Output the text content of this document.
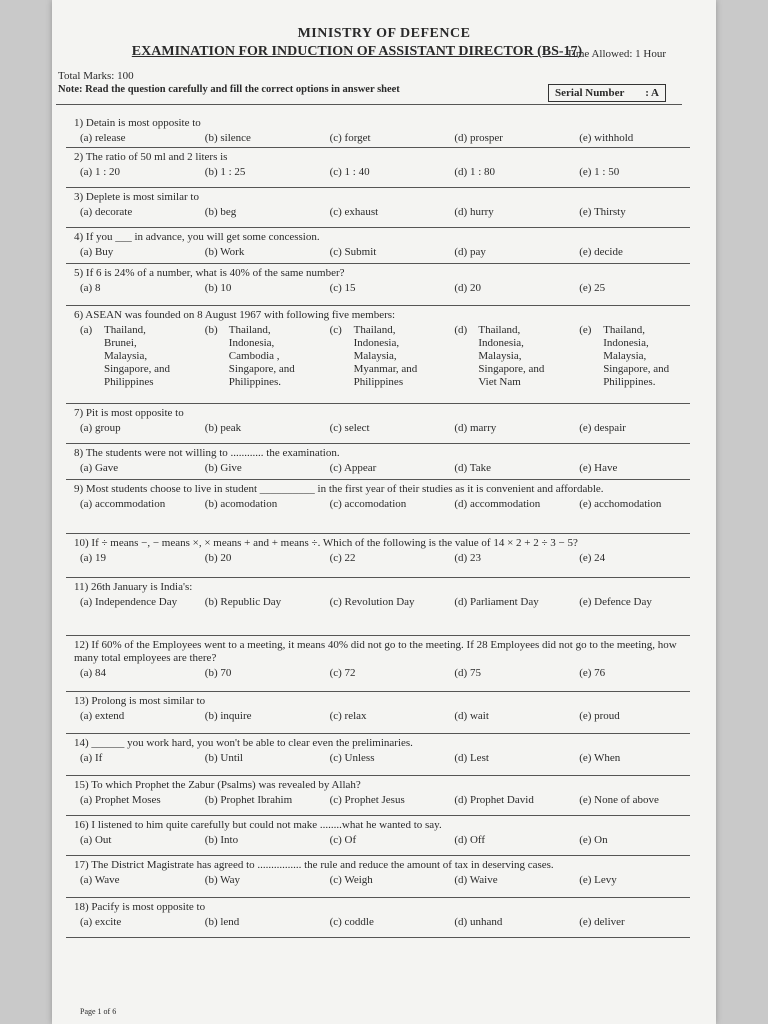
MINISTRY OF DEFENCE
EXAMINATION FOR INDUCTION OF ASSISTANT DIRECTOR (BS-17)
Time Allowed: 1 Hour
Total Marks: 100
Note: Read the question carefully and fill the correct options in answer sheet	Serial Number : A
1) Detain is most opposite to
(a) release	(b) silence	(c) forget	(d) prosper	(e) withhold
2) The ratio of 50 ml and 2 liters is
(a) 1 : 20	(b) 1 : 25	(c) 1 : 40	(d) 1 : 80	(e) 1 : 50
3) Deplete is most similar to
(a) decorate	(b) beg	(c) exhaust	(d) hurry	(e) Thirsty
4) If you ___ in advance, you will get some concession.
(a) Buy	(b) Work	(c) Submit	(d) pay	(e) decide
5) If 6 is 24% of a number, what is 40% of the same number?
(a) 8	(b) 10	(c) 15	(d) 20	(e) 25
6) ASEAN was founded on 8 August 1967 with following five members:
(a)	Thailand,
Brunei,
Malaysia,
Singapore, and
Philippines
(b)	Thailand,
Indonesia,
Cambodia ,
Singapore, and
Philippines.
(c)	Thailand,
Indonesia,
Malaysia,
Myanmar, and
Philippines
(d)	Thailand,
Indonesia,
Malaysia,
Singapore, and
Viet Nam
(e)	Thailand,
Indonesia,
Malaysia,
Singapore, and
Philippines.
7) Pit is most opposite to
(a) group	(b) peak	(c) select	(d) marry	(e) despair
8) The students were not willing to ............ the examination.
(a) Gave	(b) Give	(c) Appear	(d) Take	(e) Have
9) Most students choose to live in student __________ in the first year of their studies as it is convenient and affordable.
(a) accommodation	(b) acomodation	(c) accomodation	(d) accommodation	(e) acchomodation
10) If ÷ means −, − means ×, × means + and + means ÷. Which of the following is the value of 14 × 2 + 2 ÷ 3 − 5?
(a) 19	(b) 20	(c) 22	(d) 23	(e) 24
11) 26th January is India's:
(a) Independence Day	(b) Republic Day	(c) Revolution Day	(d) Parliament Day	(e) Defence Day
12) If 60% of the Employees went to a meeting, it means 40% did not go to the meeting. If 28 Employees did not go to the meeting, how many total employees are there?
(a) 84	(b) 70	(c) 72	(d) 75	(e) 76
13) Prolong is most similar to
(a) extend	(b) inquire	(c) relax	(d) wait	(e) proud
14) ______ you work hard, you won't be able to clear even the preliminaries.
(a) If	(b) Until	(c) Unless	(d) Lest	(e) When
15) To which Prophet the Zabur (Psalms) was revealed by Allah?
(a) Prophet Moses	(b) Prophet Ibrahim	(c) Prophet Jesus	(d) Prophet David	(e) None of above
16) I listened to him quite carefully but could not make ........what he wanted to say.
(a) Out	(b) Into	(c) Of	(d) Off	(e) On
17) The District Magistrate has agreed to ................ the rule and reduce the amount of tax in deserving cases.
(a) Wave	(b) Way	(c) Weigh	(d) Waive	(e) Levy
18) Pacify is most opposite to
(a) excite	(b) lend	(c) coddle	(d) unhand	(e) deliver
Page 1 of 6
